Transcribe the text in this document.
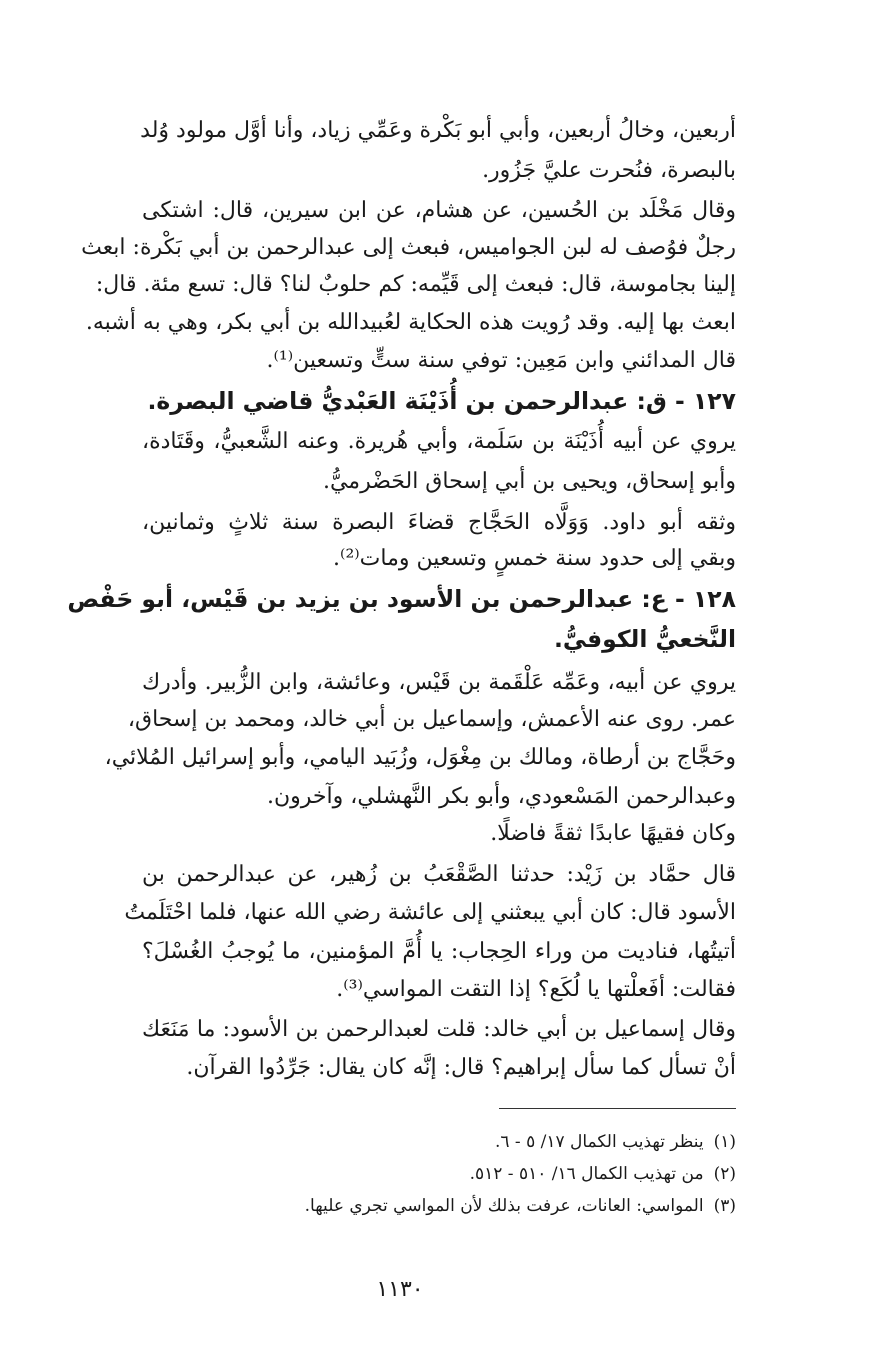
أربعين، وخالُ أربعين، وأبي أبو بَكْرة وعَمِّي زياد، وأنا أوَّل مولود وُلد
بالبصرة، فنُحرت عليَّ جَزُور.
وقال مَخْلَد بن الحُسين، عن هشام، عن ابن سيرين، قال: اشتكى
رجلٌ فوُصف له لبن الجواميس، فبعث إلى عبدالرحمن بن أبي بَكْرة: ابعث
إلينا بجاموسة، قال: فبعث إلى قَيِّمه: كم حلوبٌ لنا؟ قال: تسع مئة. قال:
ابعث بها إليه. وقد رُويت هذه الحكاية لعُبيدالله بن أبي بكر، وهي به أشبه.
قال المدائني وابن مَعِين: توفي سنة ستٍّ وتسعين⁽¹⁾.
١٢٧ - ق: عبدالرحمن بن أُذَيْنَة العَبْديُّ قاضي البصرة.
يروي عن أبيه أُذَيْنَة بن سَلَمة، وأبي هُريرة. وعنه الشَّعبيُّ، وقَتَادة،
وأبو إسحاق، ويحيى بن أبي إسحاق الحَضْرميُّ.
وثقه أبو داود. وَوَلَّاه الحَجَّاج قضاءَ البصرة سنة ثلاثٍ وثمانين،
وبقي إلى حدود سنة خمسٍ وتسعين ومات⁽²⁾.
١٢٨ - ع: عبدالرحمن بن الأسود بن يزيد بن قَيْس، أبو حَفْص
النَّخعيُّ الكوفيُّ.
يروي عن أبيه، وعَمِّه عَلْقَمة بن قَيْس، وعائشة، وابن الزُّبير. وأدرك
عمر. روى عنه الأعمش، وإسماعيل بن أبي خالد، ومحمد بن إسحاق،
وحَجَّاج بن أرطاة، ومالك بن مِغْوَل، وزُبَيد اليامي، وأبو إسرائيل المُلائي،
وعبدالرحمن المَسْعودي، وأبو بكر النَّهشلي، وآخرون.
وكان فقيهًا عابدًا ثقةً فاضلًا.
قال حمَّاد بن زَيْد: حدثنا الصَّقْعَبُ بن زُهير، عن عبدالرحمن بن
الأسود قال: كان أبي يبعثني إلى عائشة رضي الله عنها، فلما احْتَلَمتُ
أتيتُها، فناديت من وراء الحِجاب: يا أُمَّ المؤمنين، ما يُوجبُ الغُسْلَ؟
فقالت: أفَعلْتها يا لُكَع؟ إذا التقت المواسي⁽³⁾.
وقال إسماعيل بن أبي خالد: قلت لعبدالرحمن بن الأسود: ما مَنَعَك
أنْ تسأل كما سأل إبراهيم؟ قال: إنَّه كان يقال: جَرِّدُوا القرآن.
(١)ينظر تهذيب الكمال ١٧/ ٥ - ٦.
(٢)من تهذيب الكمال ١٦/ ٥١٠ - ٥١٢.
(٣)المواسي: العانات، عرفت بذلك لأن المواسي تجري عليها.
١١٣٠
